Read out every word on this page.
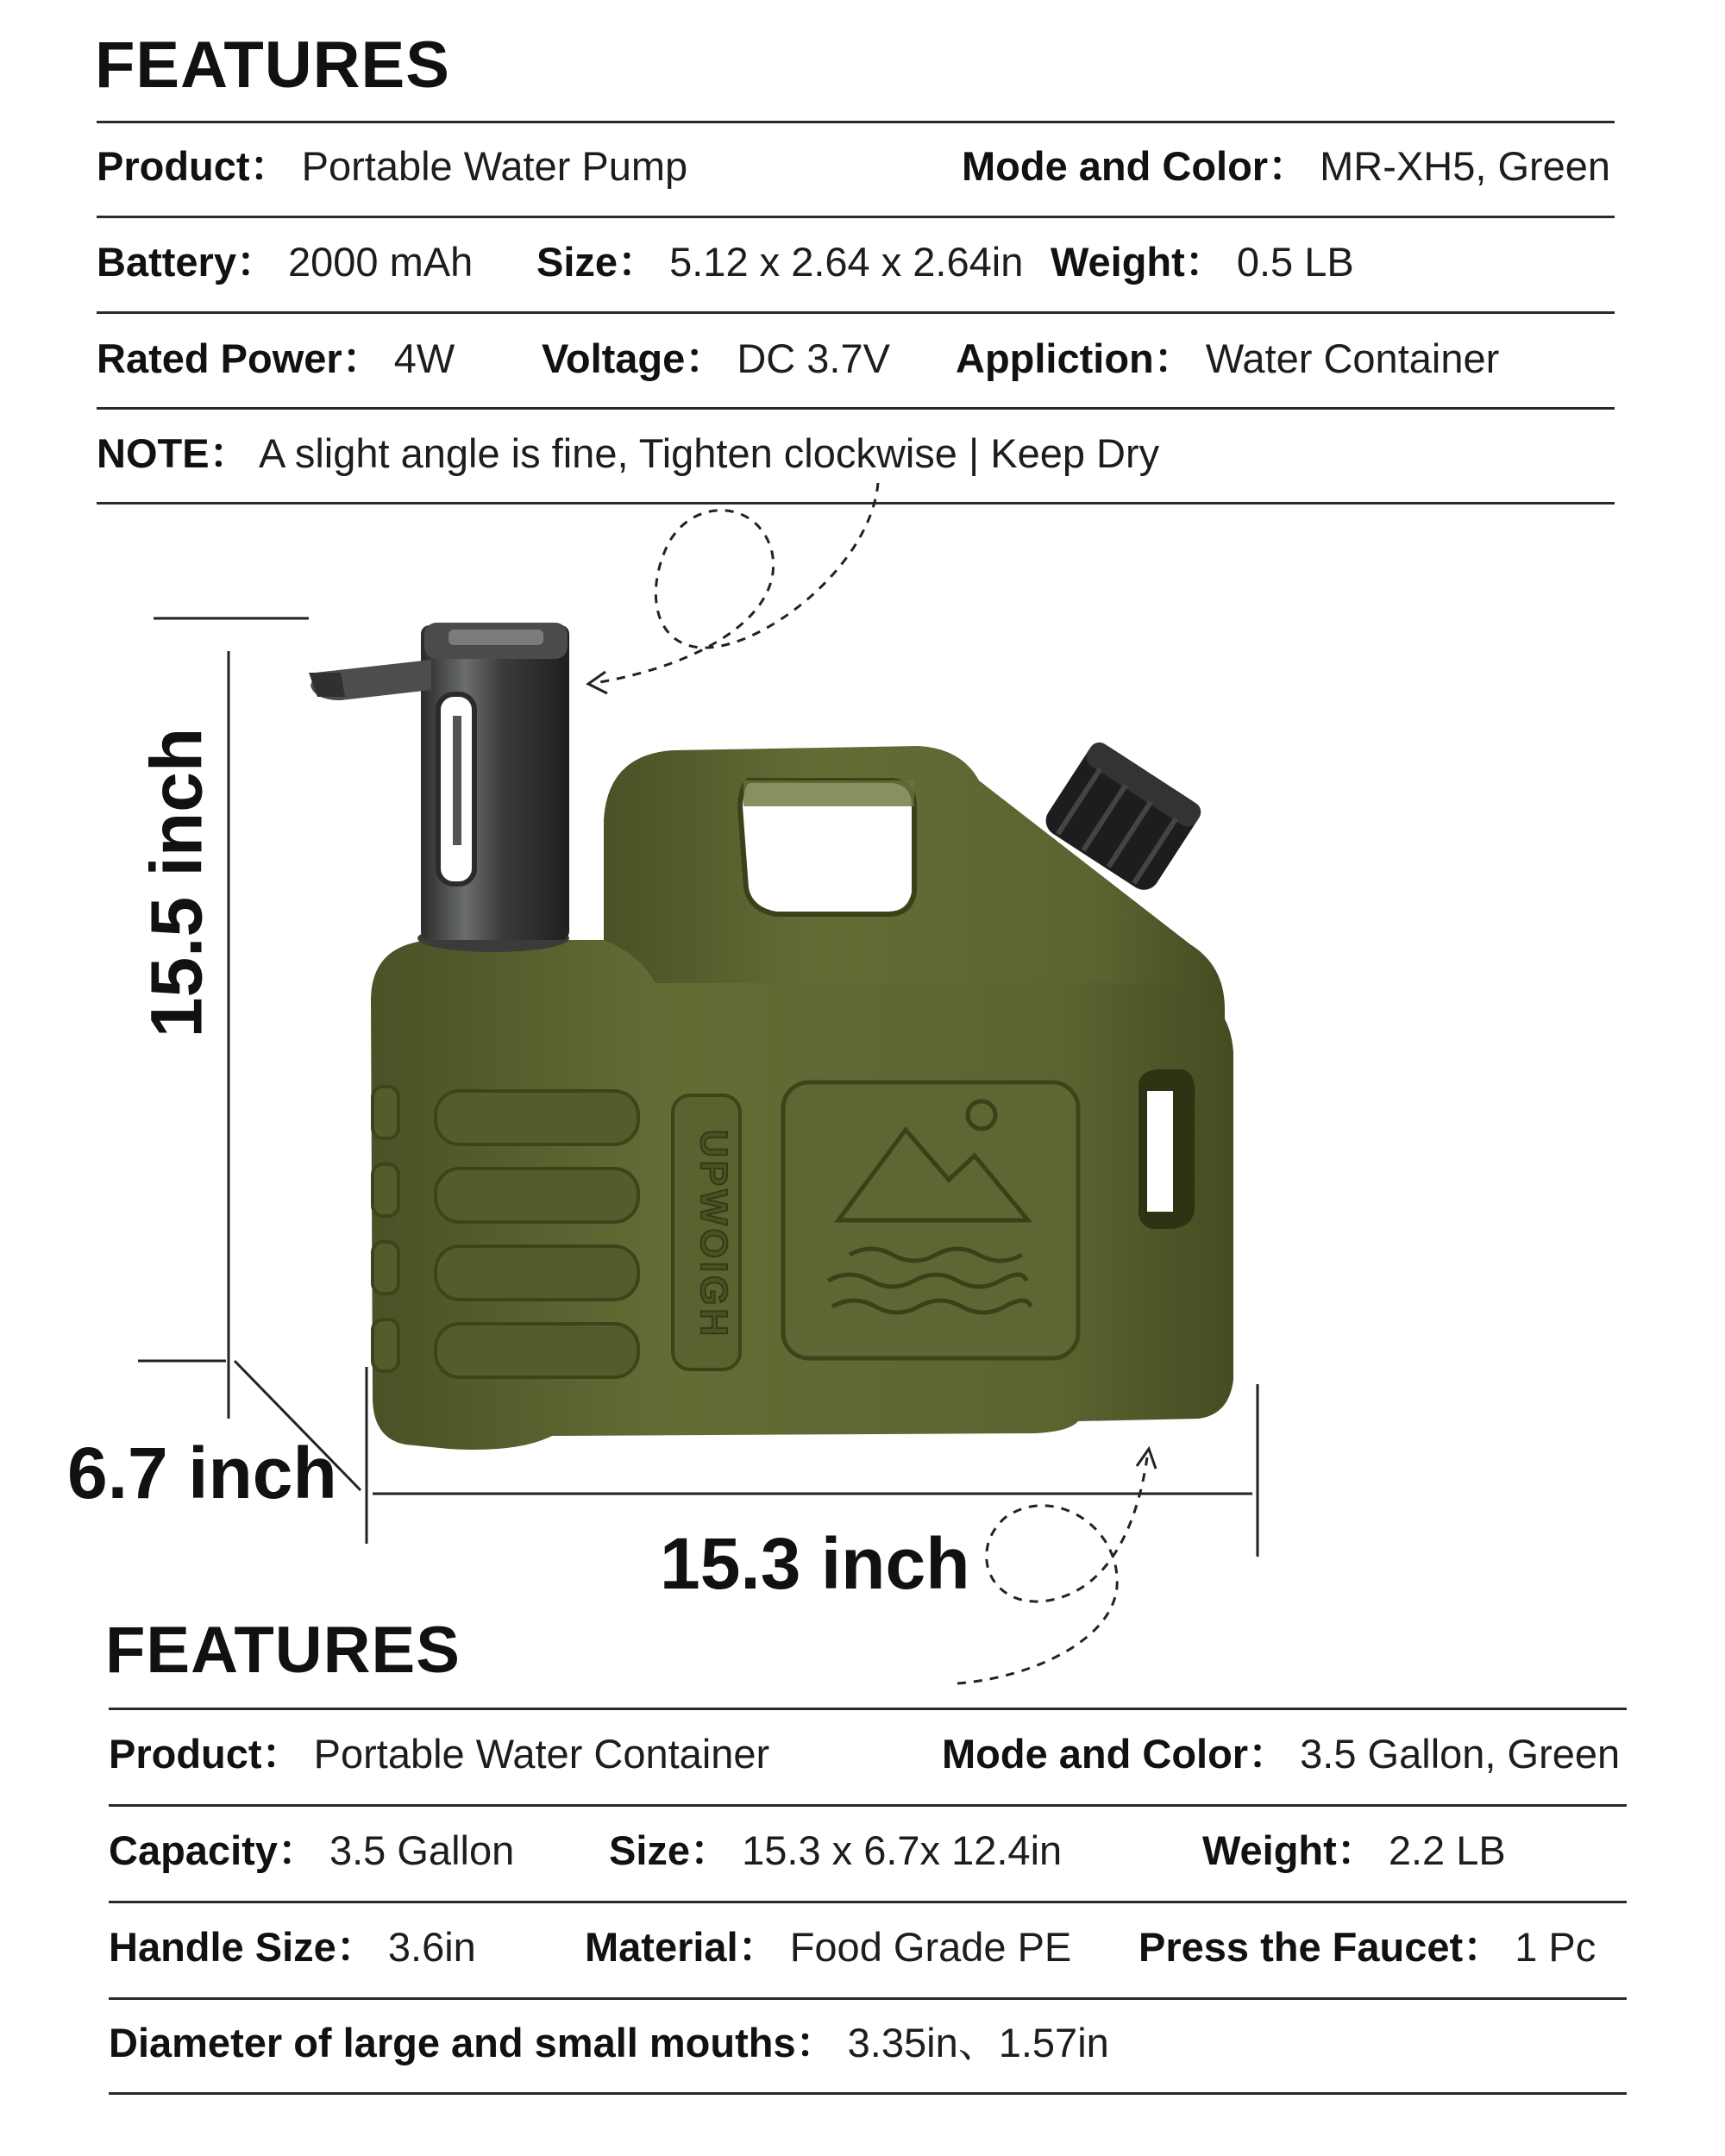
FEATURES
Product： Portable Water Pump	Mode and Color： MR-XH5, Green
Battery： 2000 mAh Size： 5.12 x 2.64 x 2.64in Weight： 0.5 LB
Rated Power： 4W Voltage： DC 3.7V Appliction： Water Container
NOTE： A slight angle is fine, Tighten clockwise | Keep Dry
UPWOIGH
15.5 inch
6.7 inch
15.3 inch
FEATURES
Product： Portable Water Container	Mode and Color： 3.5 Gallon, Green
Capacity： 3.5 Gallon Size： 15.3 x 6.7x 12.4in	Weight： 2.2 LB
Handle Size： 3.6in	Material： Food Grade PE Press the Faucet： 1 Pc
Diameter of large and small mouths： 3.35in、1.57in
